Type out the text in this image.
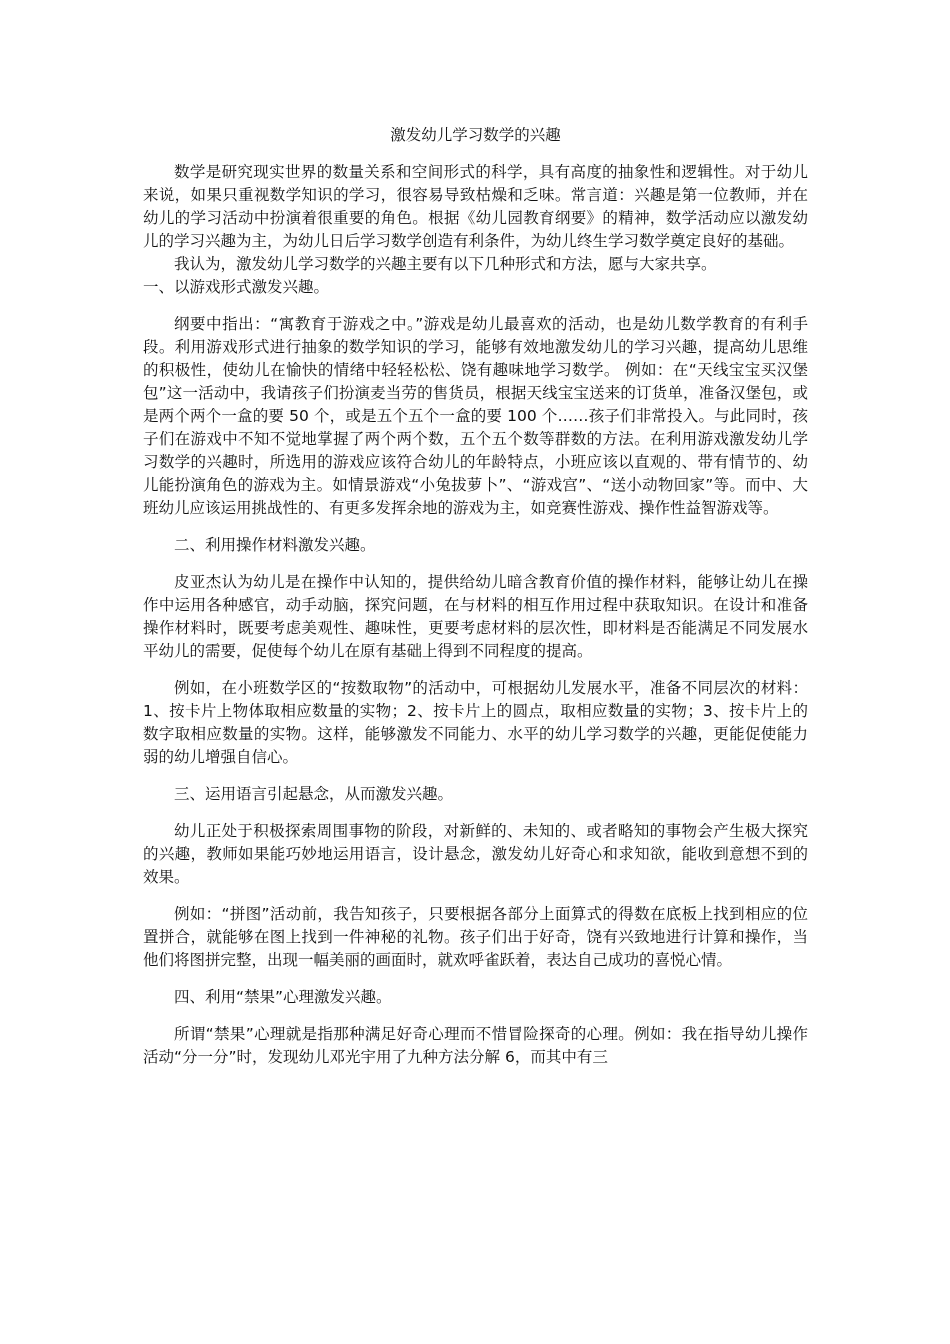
激发幼儿学习数学的兴趣

数学是研究现实世界的数量关系和空间形式的科学，具有高度的抽象性和逻辑性。对于幼儿来说，如果只重视数学知识的学习，很容易导致枯燥和乏味。常言道：兴趣是第一位教师，并在幼儿的学习活动中扮演着很重要的角色。根据《幼儿园教育纲要》的精神，数学活动应以激发幼儿的学习兴趣为主，为幼儿日后学习数学创造有利条件，为幼儿终生学习数学奠定良好的基础。

我认为，激发幼儿学习数学的兴趣主要有以下几种形式和方法，愿与大家共享。

一、以游戏形式激发兴趣。

纲要中指出：“寓教育于游戏之中。”游戏是幼儿最喜欢的活动，也是幼儿数学教育的有利手段。利用游戏形式进行抽象的数学知识的学习，能够有效地激发幼儿的学习兴趣，提高幼儿思维的积极性，使幼儿在愉快的情绪中轻轻松松、饶有趣味地学习数学。 例如：在“天线宝宝买汉堡包”这一活动中，我请孩子们扮演麦当劳的售货员，根据天线宝宝送来的订货单，准备汉堡包，或是两个两个一盒的要 50 个，或是五个五个一盒的要 100 个……孩子们非常投入。与此同时，孩子们在游戏中不知不觉地掌握了两个两个数，五个五个数等群数的方法。在利用游戏激发幼儿学习数学的兴趣时，所选用的游戏应该符合幼儿的年龄特点，小班应该以直观的、带有情节的、幼儿能扮演角色的游戏为主。如情景游戏“小兔拔萝卜”、“游戏宫”、“送小动物回家”等。而中、大班幼儿应该运用挑战性的、有更多发挥余地的游戏为主，如竞赛性游戏、操作性益智游戏等。

二、利用操作材料激发兴趣。

皮亚杰认为幼儿是在操作中认知的，提供给幼儿暗含教育价值的操作材料，能够让幼儿在操作中运用各种感官，动手动脑，探究问题，在与材料的相互作用过程中获取知识。在设计和准备操作材料时，既要考虑美观性、趣味性，更要考虑材料的层次性，即材料是否能满足不同发展水平幼儿的需要，促使每个幼儿在原有基础上得到不同程度的提高。

例如，在小班数学区的“按数取物”的活动中，可根据幼儿发展水平，准备不同层次的材料：1、按卡片上物体取相应数量的实物；2、按卡片上的圆点，取相应数量的实物；3、按卡片上的数字取相应数量的实物。这样，能够激发不同能力、水平的幼儿学习数学的兴趣，更能促使能力弱的幼儿增强自信心。

三、运用语言引起悬念，从而激发兴趣。

幼儿正处于积极探索周围事物的阶段，对新鲜的、未知的、或者略知的事物会产生极大探究的兴趣，教师如果能巧妙地运用语言，设计悬念，激发幼儿好奇心和求知欲，能收到意想不到的效果。

例如：“拼图”活动前，我告知孩子，只要根据各部分上面算式的得数在底板上找到相应的位置拼合，就能够在图上找到一件神秘的礼物。孩子们出于好奇，饶有兴致地进行计算和操作，当他们将图拼完整，出现一幅美丽的画面时，就欢呼雀跃着，表达自己成功的喜悦心情。

四、利用“禁果”心理激发兴趣。

所谓“禁果”心理就是指那种满足好奇心理而不惜冒险探奇的心理。例如：我在指导幼儿操作活动“分一分”时，发现幼儿邓光宇用了九种方法分解 6，而其中有三
